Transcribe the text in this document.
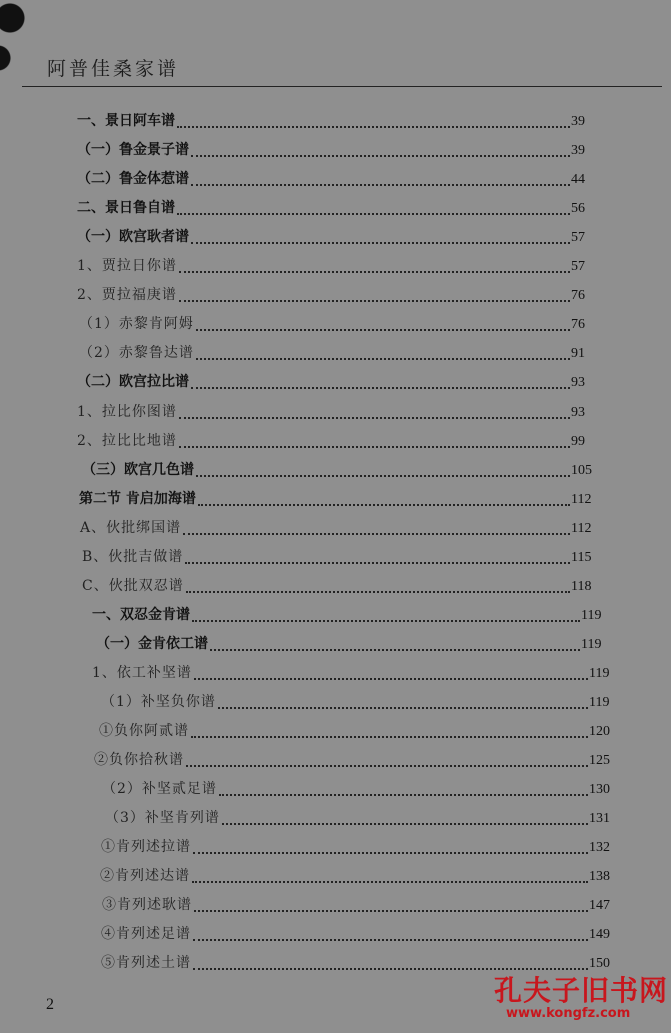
阿普佳桑家谱
一、景日阿车谱	39
（一）鲁金景子谱	39
（二）鲁金体惹谱	44
二、景日鲁自谱	56
（一）欧宫耿者谱	57
1、贾拉日你谱	57
2、贾拉福庚谱	76
（1）赤黎肯阿姆	76
（2）赤黎鲁达谱	91
（二）欧宫拉比谱	93
1、拉比你图谱	93
2、拉比比地谱	99
（三）欧宫几色谱	105
第二节 肯启加海谱	112
A、伙批绑国谱	112
B、伙批吉做谱	115
C、伙批双忍谱	118
一、双忍金肯谱	119
（一）金肯依工谱	119
1、依工补坚谱	119
（1）补坚负你谱	119
①负你阿贰谱	120
②负你拾秋谱	125
（2）补坚贰足谱	130
（3）补坚肯列谱	131
①肯列述拉谱	132
②肯列述达谱	138
③肯列述耿谱	147
④肯列述足谱	149
⑤肯列述土谱	150
2	孔夫子旧书网
www.kongfz.com
